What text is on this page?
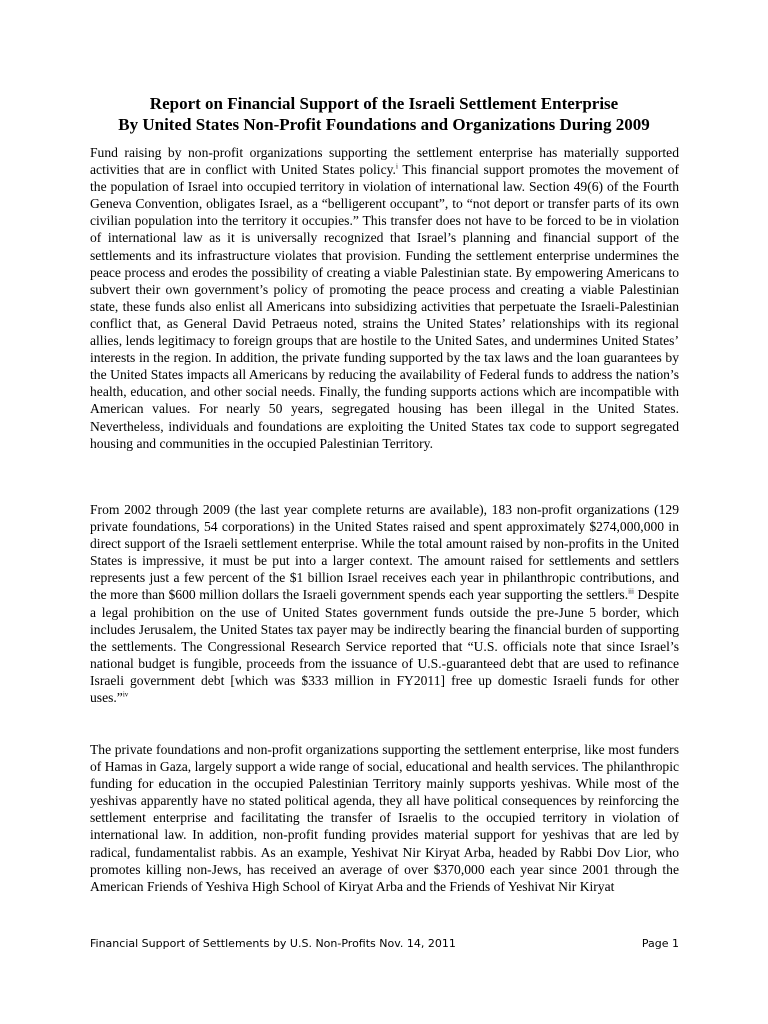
Report on Financial Support of the Israeli Settlement Enterprise
By United States Non-Profit Foundations and Organizations During 2009

Fund raising by non-profit organizations supporting the settlement enterprise has materially supported activities that are in conflict with United States policy.$^i$ This financial support promotes the movement of the population of Israel into occupied territory in violation of international law. Section 49(6) of the Fourth Geneva Convention, obligates Israel, as a “belligerent occupant”, to “not deport or transfer parts of its own civilian population into the territory it occupies.” This transfer does not have to be forced to be in violation of international law as it is universally recognized that Israel’s planning and financial support of the settlements and its infrastructure violates that provision. Funding the settlement enterprise undermines the peace process and erodes the possibility of creating a viable Palestinian state. By empowering Americans to subvert their own government’s policy of promoting the peace process and creating a viable Palestinian state, these funds also enlist all Americans into subsidizing activities that perpetuate the Israeli-Palestinian conflict that, as General David Petraeus noted, strains the United States’ relationships with its regional allies, lends legitimacy to foreign groups that are hostile to the United Sates, and undermines United States’ interests in the region. In addition, the private funding supported by the tax laws and the loan guarantees by the United States impacts all Americans by reducing the availability of Federal funds to address the nation’s health, education, and other social needs. Finally, the funding supports actions which are incompatible with American values. For nearly 50 years, segregated housing has been illegal in the United States. Nevertheless, individuals and foundations are exploiting the United States tax code to support segregated housing and communities in the occupied Palestinian Territory.

From 2002 through 2009 (the last year complete returns are available), 183 non-profit organizations (129 private foundations, 54 corporations) in the United States raised and spent approximately $274,000,000 in direct support of the Israeli settlement enterprise. While the total amount raised by non-profits in the United States is impressive, it must be put into a larger context. The amount raised for settlements and settlers represents just a few percent of the $1 billion Israel receives each year in philanthropic contributions, and the more than $600 million dollars the Israeli government spends each year supporting the settlers.$^{iii}$ Despite a legal prohibition on the use of United States government funds outside the pre-June 5 border, which includes Jerusalem, the United States tax payer may be indirectly bearing the financial burden of supporting the settlements. The Congressional Research Service reported that “U.S. officials note that since Israel’s national budget is fungible, proceeds from the issuance of U.S.-guaranteed debt that are used to refinance Israeli government debt [which was $333 million in FY2011] free up domestic Israeli funds for other uses.”$^{iv}$

The private foundations and non-profit organizations supporting the settlement enterprise, like most funders of Hamas in Gaza, largely support a wide range of social, educational and health services. The philanthropic funding for education in the occupied Palestinian Territory mainly supports yeshivas. While most of the yeshivas apparently have no stated political agenda, they all have political consequences by reinforcing the settlement enterprise and facilitating the transfer of Israelis to the occupied territory in violation of international law. In addition, non-profit funding provides material support for yeshivas that are led by radical, fundamentalist rabbis. As an example, Yeshivat Nir Kiryat Arba, headed by Rabbi Dov Lior, who promotes killing non-Jews, has received an average of over $370,000 each year since 2001 through the American Friends of Yeshiva High School of Kiryat Arba and the Friends of Yeshivat Nir Kiryat

Financial Support of Settlements by U.S. Non-Profits Nov. 14, 2011	Page 1
